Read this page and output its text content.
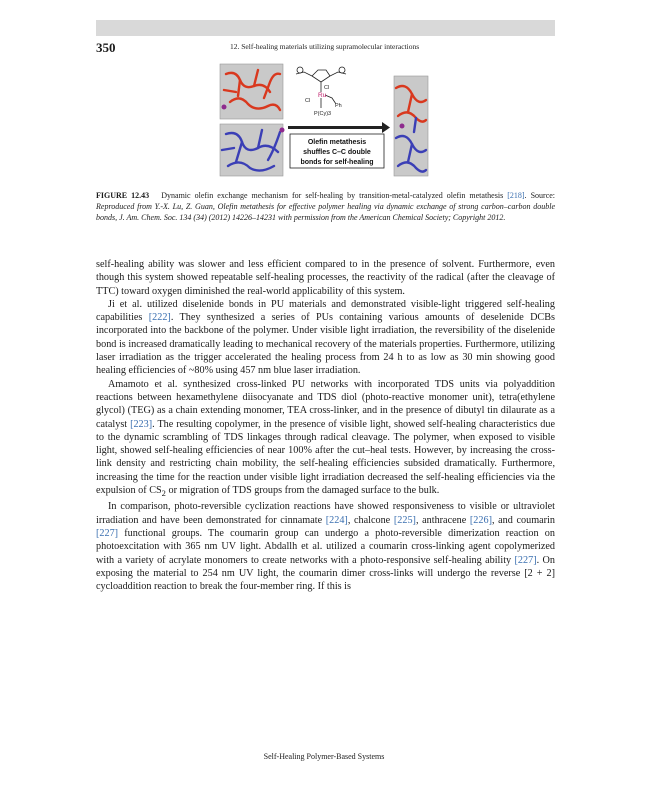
350	12. Self-healing materials utilizing supramolecular interactions
Ru
Cl
Cl
Ph
P(Cy)3
Olefin metathesis
shuffles C–C double
bonds for self-healing
FIGURE 12.43 Dynamic olefin exchange mechanism for self-healing by transition-metal-catalyzed olefin metathesis [218]. Source: Reproduced from Y.-X. Lu, Z. Guan, Olefin metathesis for effective polymer healing via dynamic exchange of strong carbon–carbon double bonds, J. Am. Chem. Soc. 134 (34) (2012) 14226–14231 with permission from the American Chemical Society; Copyright 2012.

self-healing ability was slower and less efficient compared to in the presence of solvent. Furthermore, even though this system showed repeatable self-healing processes, the reactivity of the radical (after the cleavage of TTC) toward oxygen diminished the real-world applicability of this system.

Ji et al. utilized diselenide bonds in PU materials and demonstrated visible-light triggered self-healing capabilities [222]. They synthesized a series of PUs containing various amounts of deselenide DCBs incorporated into the backbone of the polymer. Under visible light irradiation, the reversibility of the diselenide bond is increased dramatically leading to mechanical recovery of the materials properties. Furthermore, utilizing laser irradiation as the trigger accelerated the healing process from 24 h to as low as 30 min showing good healing efficiencies of ~80% using 457 nm blue laser irradiation.

Amamoto et al. synthesized cross-linked PU networks with incorporated TDS units via polyaddition reactions between hexamethylene diisocyanate and TDS diol (photo-reactive monomer unit), tetra(ethylene glycol) (TEG) as a chain extending monomer, TEA cross-linker, and in the presence of dibutyl tin dilaurate as a catalyst [223]. The resulting copolymer, in the presence of visible light, showed self-healing characteristics due to the dynamic scrambling of TDS linkages through radical cleavage. The polymer, when exposed to visible light, showed self-healing efficiencies of near 100% after the cut–heal tests. However, by increasing the cross-link density and restricting chain mobility, the self-healing efficiencies subsided dramatically. Furthermore, increasing the time for the reaction under visible light irradiation decreased the self-healing efficiencies via the expulsion of $CS_2$ or migration of TDS groups from the damaged surface to the bulk.

In comparison, photo-reversible cyclization reactions have showed responsiveness to visible or ultraviolet irradiation and have been demonstrated for cinnamate [224], chalcone [225], anthracene [226], and coumarin [227] functional groups. The coumarin group can undergo a photo-reversible dimerization reaction on photoexcitation with 365 nm UV light. Abdallh et al. utilized a coumarin cross-linking agent copolymerized with a variety of acrylate monomers to create networks with a photo-responsive self-healing ability [227]. On exposing the material to 254 nm UV light, the coumarin dimer cross-links will undergo the reverse [2 + 2] cycloaddition reaction to break the four-member ring. If this is

Self-Healing Polymer-Based Systems
